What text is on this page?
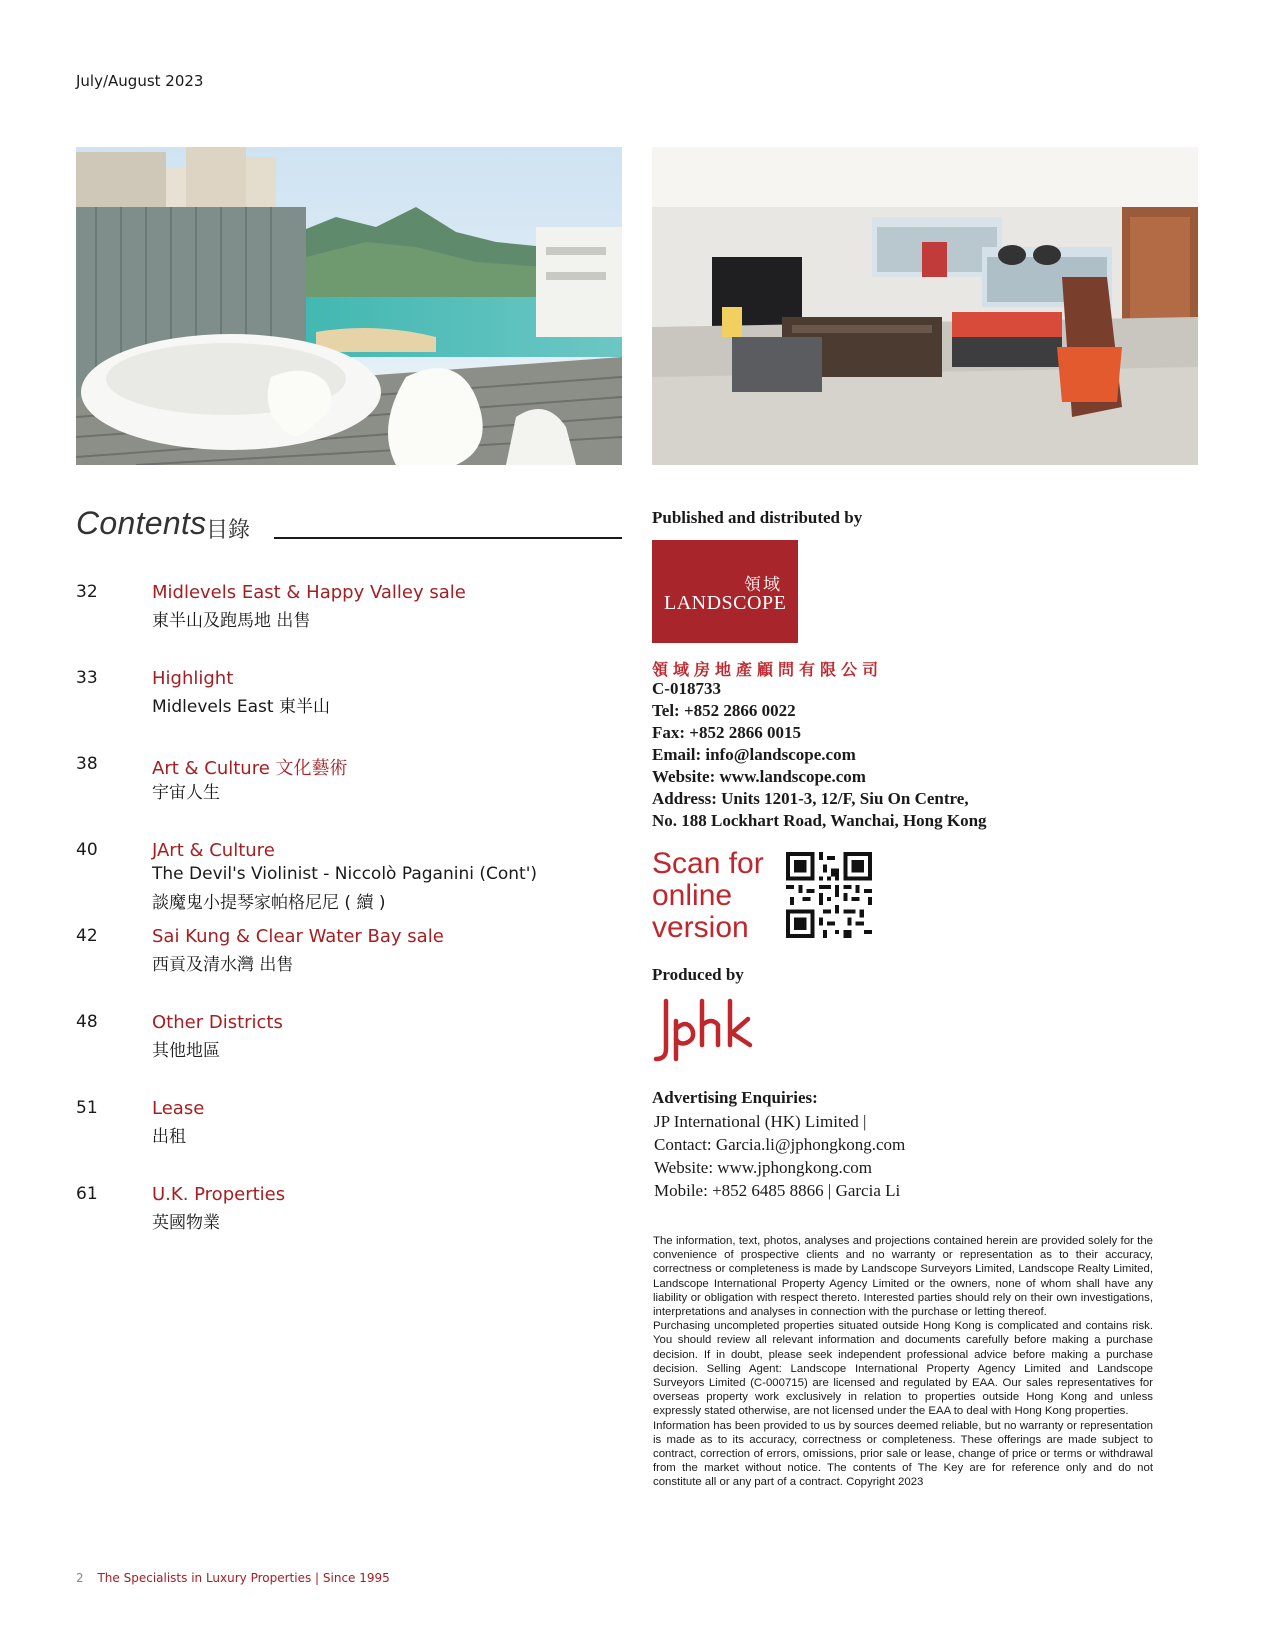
July/August 2023
Contents 目錄
32	Midlevels East & Happy Valley sale
東半山及跑馬地 出售
33	Highlight
Midlevels East 東半山
38	Art & Culture 文化藝術
宇宙人生
40	JArt & Culture
The Devil's Violinist - Niccolò Paganini (Cont')
談魔鬼小提琴家帕格尼尼 ( 續 )
42	Sai Kung & Clear Water Bay sale
西貢及清水灣 出售
48	Other Districts
其他地區
51	Lease
出租
61	U.K. Properties
英國物業
Published and distributed by
領域
LANDSCOPE
領域房地產顧問有限公司
C-018733
Tel: +852 2866 0022
Fax: +852 2866 0015
Email: info@landscope.com
Website: www.landscope.com
Address: Units 1201-3, 12/F, Siu On Centre,
No. 188 Lockhart Road, Wanchai, Hong Kong
Scan for
online
version
Produced by
Advertising Enquiries:
JP International (HK) Limited |
Contact: Garcia.li@jphongkong.com
Website: www.jphongkong.com
Mobile: +852 6485 8866 | Garcia Li

The information, text, photos, analyses and projections contained herein are provided solely for the convenience of prospective clients and no warranty or representation as to their accuracy, correctness or completeness is made by Landscope Surveyors Limited, Landscope Realty Limited, Landscope International Property Agency Limited or the owners, none of whom shall have any liability or obligation with respect thereto. Interested parties should rely on their own investigations, interpretations and analyses in connection with the purchase or letting thereof.

Purchasing uncompleted properties situated outside Hong Kong is complicated and contains risk. You should review all relevant information and documents carefully before making a purchase decision. If in doubt, please seek independent professional advice before making a purchase decision. Selling Agent: Landscope International Property Agency Limited and Landscope Surveyors Limited (C-000715) are licensed and regulated by EAA. Our sales representatives for overseas property work exclusively in relation to properties outside Hong Kong and unless expressly stated otherwise, are not licensed under the EAA to deal with Hong Kong properties.

Information has been provided to us by sources deemed reliable, but no warranty or representation is made as to its accuracy, correctness or completeness. These offerings are made subject to contract, correction of errors, omissions, prior sale or lease, change of price or terms or withdrawal from the market without notice. The contents of The Key are for reference only and do not constitute all or any part of a contract. Copyright 2023

2 The Specialists in Luxury Properties | Since 1995
